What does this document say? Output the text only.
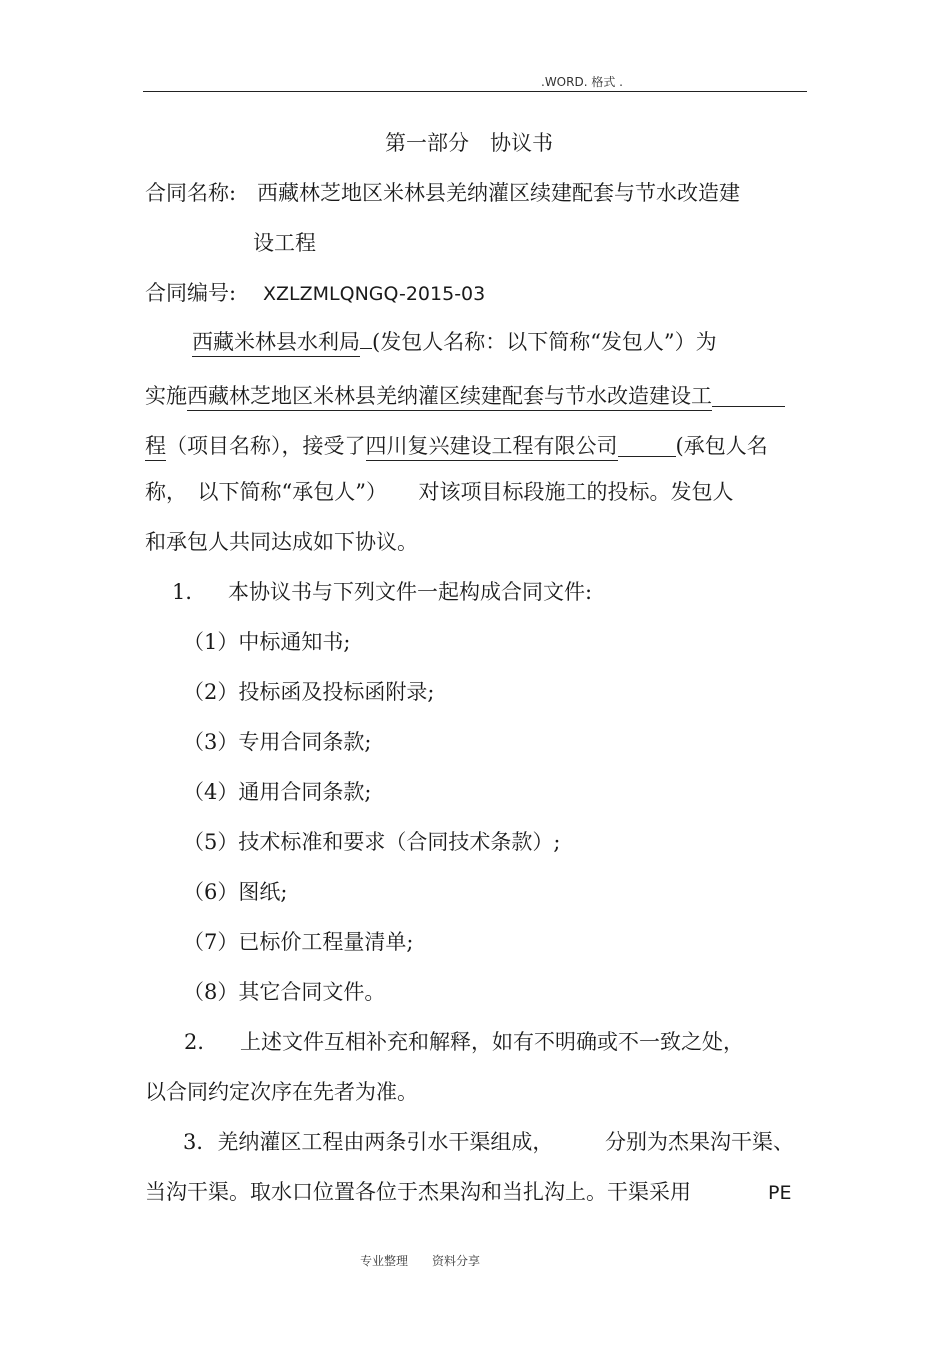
.WORD. 格式 .
第一部分　协议书
合同名称: 西藏林芝地区米林县羌纳灌区续建配套与节水改造建
设工程
合同编号: XZLZMLQNGQ-2015-03
西藏米林县水利局 (发包人名称：以下简称“发包人”）为
实施西藏林芝地区米林县羌纳灌区续建配套与节水改造建设工
程（项目名称），接受了四川复兴建设工程有限公司	(承包人名
称，　以下简称“承包人”）　　对该项目标段施工的投标。发包人
和承包人共同达成如下协议。
1． 本协议书与下列文件一起构成合同文件:
（1）中标通知书;
（2）投标函及投标函附录;
（3）专用合同条款;
（4）通用合同条款;
（5）技术标准和要求（合同技术条款）;
（6）图纸;
（7）已标价工程量清单;
（8）其它合同文件。
2． 上述文件互相补充和解释，如有不明确或不一致之处，
以合同约定次序在先者为准。
3．羌纳灌区工程由两条引水干渠组成， 分别为杰果沟干渠、
当沟干渠。取水口位置各位于杰果沟和当扎沟上。干渠采用	PE
专业整理 资料分享
